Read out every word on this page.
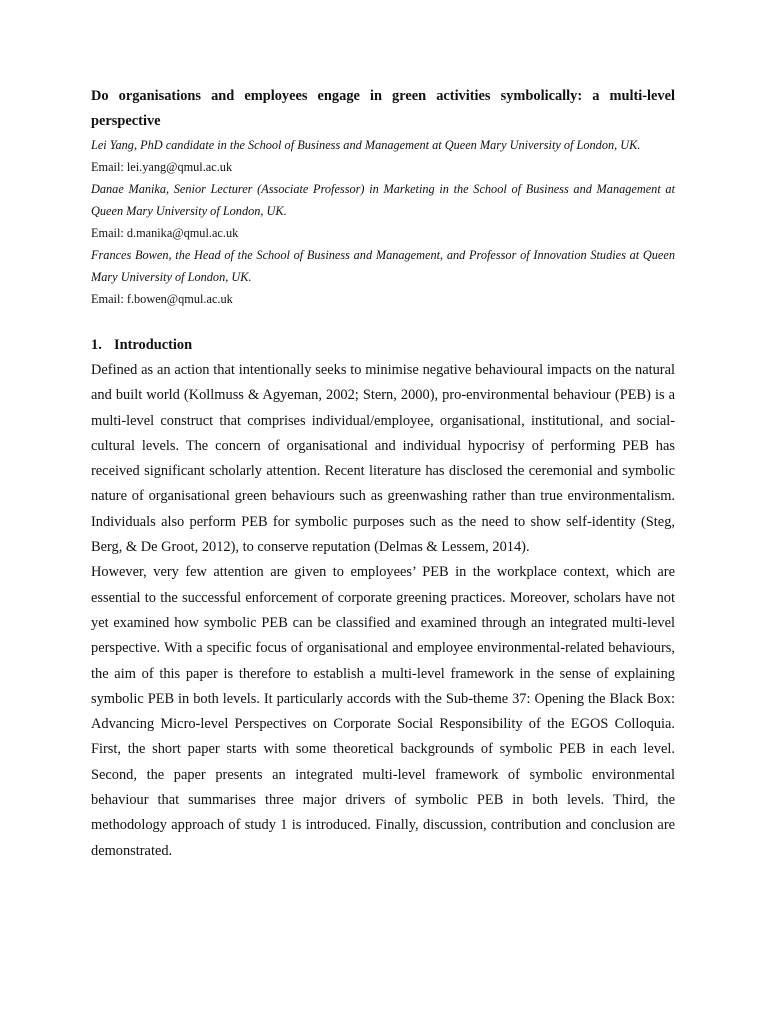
Do organisations and employees engage in green activities symbolically: a multi-level perspective

Lei Yang, PhD candidate in the School of Business and Management at Queen Mary University of London, UK.

Email: lei.yang@qmul.ac.uk

Danae Manika, Senior Lecturer (Associate Professor) in Marketing in the School of Business and Management at Queen Mary University of London, UK.

Email: d.manika@qmul.ac.uk

Frances Bowen, the Head of the School of Business and Management, and Professor of Innovation Studies at Queen Mary University of London, UK.

Email: f.bowen@qmul.ac.uk

1. Introduction

Defined as an action that intentionally seeks to minimise negative behavioural impacts on the natural and built world (Kollmuss & Agyeman, 2002; Stern, 2000), pro-environmental behaviour (PEB) is a multi-level construct that comprises individual/employee, organisational, institutional, and social-cultural levels. The concern of organisational and individual hypocrisy of performing PEB has received significant scholarly attention. Recent literature has disclosed the ceremonial and symbolic nature of organisational green behaviours such as greenwashing rather than true environmentalism. Individuals also perform PEB for symbolic purposes such as the need to show self-identity (Steg, Berg, & De Groot, 2012), to conserve reputation (Delmas & Lessem, 2014).

However, very few attention are given to employees’ PEB in the workplace context, which are essential to the successful enforcement of corporate greening practices. Moreover, scholars have not yet examined how symbolic PEB can be classified and examined through an integrated multi-level perspective. With a specific focus of organisational and employee environmental-related behaviours, the aim of this paper is therefore to establish a multi-level framework in the sense of explaining symbolic PEB in both levels. It particularly accords with the Sub-theme 37: Opening the Black Box: Advancing Micro-level Perspectives on Corporate Social Responsibility of the EGOS Colloquia. First, the short paper starts with some theoretical backgrounds of symbolic PEB in each level. Second, the paper presents an integrated multi-level framework of symbolic environmental behaviour that summarises three major drivers of symbolic PEB in both levels. Third, the methodology approach of study 1 is introduced. Finally, discussion, contribution and conclusion are demonstrated.
